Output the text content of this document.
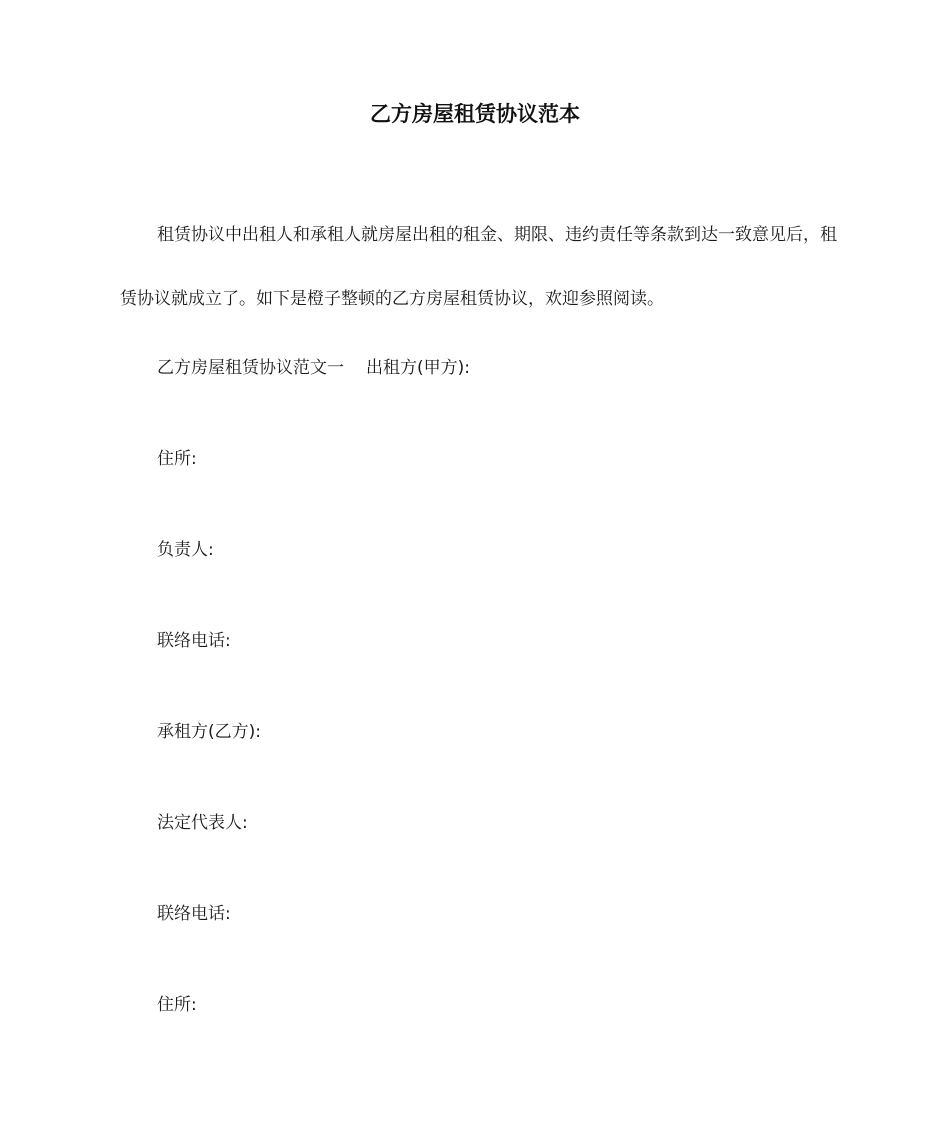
乙方房屋租赁协议范本

租赁协议中出租人和承租人就房屋出租的租金、期限、违约责任等条款到达一致意见后，租赁协议就成立了。如下是橙子整顿的乙方房屋租赁协议，欢迎参照阅读。

乙方房屋租赁协议范文一 出租方(甲方):

住所:

负责人:

联络电话:

承租方(乙方):

法定代表人:

联络电话:

住所:
